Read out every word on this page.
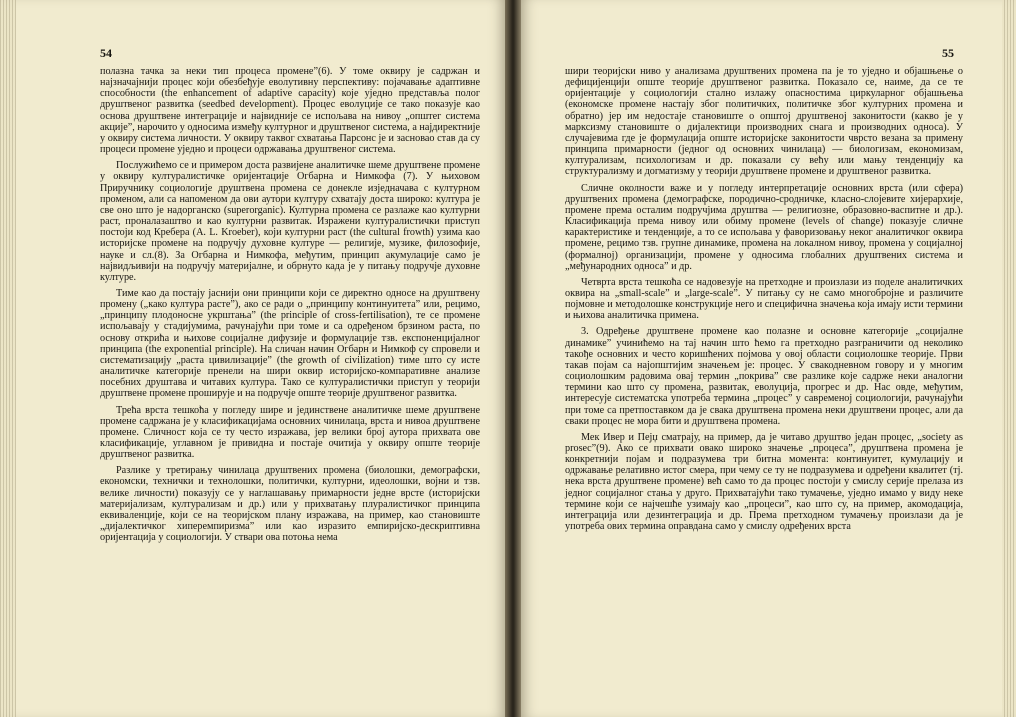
54

полазна тачка за неки тип процеса промене”(6). У томе оквиру је садржан и најзначајнији процес који обезбеђује еволутивну перспективу: појачавање адаптивне способности (the enhancement of adaptive capacity) које уједно представља полог друштвеног развитка (seedbed development). Процес еволуције се тако показује као основа друштвене интеграције и највидније се испољава на нивоу „општег система акције”, нарочито у односима између културног и друштвеног система, а најдиректније у оквиру система личности. У оквиру таквог схватања Парсонс је и засновао став да су процеси промене уједно и процеси одржавања друштвеног система.

Послужићемо се и примером доста развијене аналитичке шеме друштвене промене у оквиру културалистичке оријентације Огбарна и Нимкофа (7). У њиховом Приручнику социологије друштвена промена се донекле изједначава с културном променом, али са напоменом да ови аутори културу схватају доста широко: култура је све оно што је надорганско (superorganic). Културна промена се разлаже као културни раст, проналазаштво и као културни развитак. Изражени културалистички приступ постоји код Кребера (А. L. Kroeber), који културни раст (the cultural frowth) узима као историјске промене на подручју духовне културе — религије, музике, филозофије, науке и сл.(8). За Огбарна и Нимкофа, међутим, принцип акумулације само је највидљивији на подручју материјалне, и обрнуто када је у питању подручје духовне културе.

Тиме као да постају јаснији они принципи који се директно односе на друштвену промену („како култура расте”), ако се ради о „принципу континуитета” или, рецимо, „принципу плодоносне укрштања” (the principle of cross-fertilisation), те се промене испољавају у стадијумима, рачунајући при томе и са одређеном брзином раста, по основу открића и њихове социјалне дифузије и формулације тзв. експоненцијалног принципа (the exponential principle). На сличан начин Огбарн и Нимкоф су спровели и систематизацију „раста цивилизације” (the growth of civilization) тиме што су исте аналитичке категорије пренели на шири оквир историјско-компаративне анализе посебних друштава и читавих култура. Тако се културалистички приступ у теорији друштвене промене проширује и на подручје опште теорије друштвеног развитка.

Трећа врста тешкоћа у погледу шире и јединствене аналитичке шеме друштвене промене садржана је у класификацијама основних чинилаца, врста и нивоа друштвене промене. Сличност која се ту често изражава, јер велики број аутора прихвата ове класификације, углавном је привидна и постаје очитија у оквиру опште теорије друштвеног развитка.

Разлике у третирању чинилаца друштвених промена (биолошки, демографски, економски, технички и технолошки, политички, културни, идеолошки, војни и тзв. велике личности) показују се у наглашавању примарности једне врсте (историјски материјализам, културализам и др.) или у прихватању плуралистичког принципа еквиваленције, који се на теоријском плану изражава, на пример, као становиште „дијалектичког хиперемпиризма” или као изразито емпиријско-дескриптивна оријентација у социологији. У ствари ова потоња нема

55

шири теоријски ниво у анализама друштвених промена па је то уједно и објашњење о дефицијенцији опште теорије друштвеног развитка. Показало се, наиме, да се те оријентације у социологији стално излажу опасностима циркуларног објашњења (економске промене настају због политичких, политичке због културних промена и обратно) јер им недостаје становиште о општој друштвеној законитости (какво је у марксизму становиште о дијалектици производних снага и производних односа). У случајевима где је формулација опште историјске законитости чврсто везана за примену принципа примарности (једног од основних чинилаца) — биологизам, економизам, културализам, психологизам и др. показали су већу или мању тенденцију ка структурализму и догматизму у теорији друштвене промене и друштвеног развитка.

Сличне околности важе и у погледу интерпретације основних врста (или сфера) друштвених промена (демографске, породично-сродничке, класно-слојевите хијерархије, промене према осталим подручјима друштва — религиозне, образовно-васпитне и др.). Класификација према нивоу или обиму промене (levels of change) показује сличне карактеристике и тенденције, а то се испољава у фаворизовању неког аналитичког оквира промене, рецимо тзв. групне динамике, промена на локалном нивоу, промена у социјалној (формалној) организацији, промене у односима глобалних друштвених система и „међународних односа” и др.

Четврта врста тешкоћа се надовезује на претходне и произлази из поделе аналитичких оквира на „small-scale” и „large-scale”. У питању су не само многобројне и различите појмовне и методолошке конструкције него и специфична значења која имају исти термини и њихова аналитичка примена.

3. Одређење друштвене промене као полазне и основне категорије „социјалне динамике” учинићемо на тај начин што ћемо га претходно разграничити од неколико такође основних и често коришћених појмова у овој области социолошке теорије. Први такав појам са најопштијим значењем је: процес. У свакодневном говору и у многим социолошким радовима овај термин „покрива” све разлике које садрже неки аналогни термини као што су промена, развитак, еволуција, прогрес и др. Нас овде, међутим, интересује систематска употреба термина „процес” у савременој социологији, рачунајући при томе са претпоставком да је свака друштвена промена неки друштвени процес, али да сваки процес не мора бити и друштвена промена.

Мек Ивер и Пејџ сматрају, на пример, да је читаво друштво један процес, „society as prosec”(9). Ако се прихвати овако широко значење „процеса”, друштвена промена је конкретнији појам и подразумева три битна момента: континуитет, кумулацију и одржавање релативно истог смера, при чему се ту не подразумева и одређени квалитет (тј. нека врста друштвене промене) већ само то да процес постоји у смислу серије прелаза из једног социјалног стања у друго. Прихватајући тако тумачење, уједно имамо у виду неке термине који се најчешће узимају као „процеси”, као што су, на пример, акомодација, интеграција или дезинтеграција и др. Према претходном тумачењу произлази да је употреба ових термина оправдана само у смислу одређених врста
